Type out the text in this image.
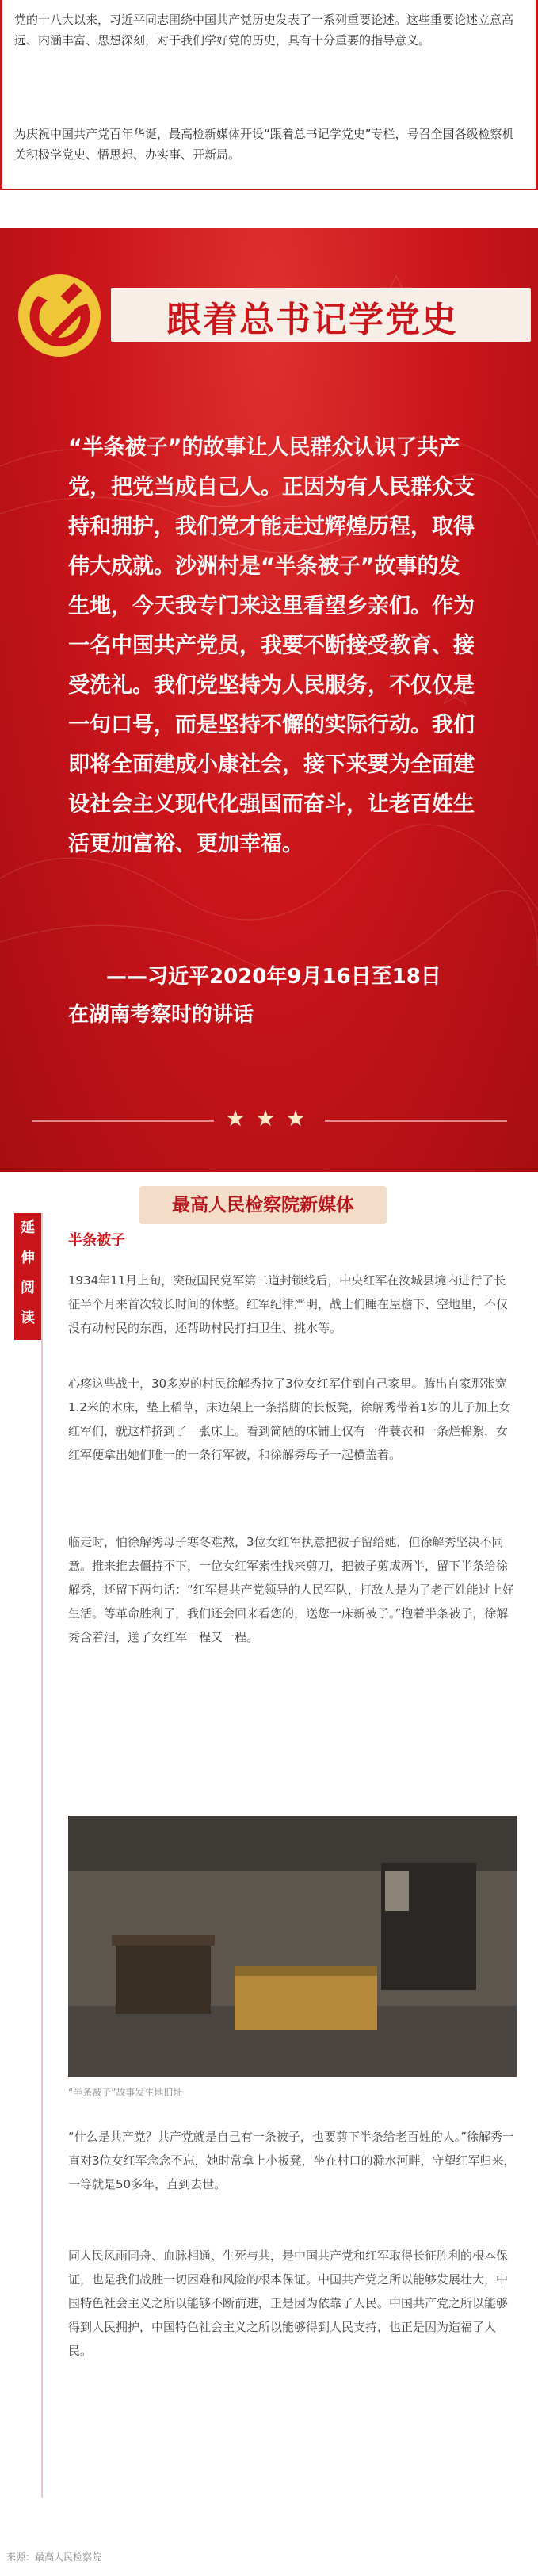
党的十八大以来，习近平同志围绕中国共产党历史发表了一系列重要论述。这些重要论述立意高远、内涵丰富、思想深刻，对于我们学好党的历史，具有十分重要的指导意义。

为庆祝中国共产党百年华诞，最高检新媒体开设“跟着总书记学党史”专栏，号召全国各级检察机关积极学党史、悟思想、办实事、开新局。

跟着总书记学党史

“半条被子”的故事让人民群众认识了共产党，把党当成自己人。正因为有人民群众支持和拥护，我们党才能走过辉煌历程，取得伟大成就。沙洲村是“半条被子”故事的发生地，今天我专门来这里看望乡亲们。作为一名中国共产党员，我要不断接受教育、接受洗礼。我们党坚持为人民服务，不仅仅是一句口号，而是坚持不懈的实际行动。我们即将全面建成小康社会，接下来要为全面建设社会主义现代化强国而奋斗，让老百姓生活更加富裕、更加幸福。

——习近平2020年9月16日至18日
在湖南考察时的讲话

★ ★ ★
最高人民检察院新媒体
延
伸
阅
读
半条被子

1934年11月上旬，突破国民党军第二道封锁线后，中央红军在汝城县境内进行了长征半个月来首次较长时间的休整。红军纪律严明，战士们睡在屋檐下、空地里，不仅没有动村民的东西，还帮助村民打扫卫生、挑水等。

心疼这些战士，30多岁的村民徐解秀拉了3位女红军住到自己家里。腾出自家那张宽1.2米的木床，垫上稻草，床边架上一条搭脚的长板凳，徐解秀带着1岁的儿子加上女红军们，就这样挤到了一张床上。看到简陋的床铺上仅有一件蓑衣和一条烂棉絮，女红军便拿出她们唯一的一条行军被，和徐解秀母子一起横盖着。

临走时，怕徐解秀母子寒冬难熬，3位女红军执意把被子留给她，但徐解秀坚决不同意。推来推去僵持不下，一位女红军索性找来剪刀，把被子剪成两半，留下半条给徐解秀，还留下两句话：“红军是共产党领导的人民军队，打敌人是为了老百姓能过上好生活。等革命胜利了，我们还会回来看您的，送您一床新被子。”抱着半条被子，徐解秀含着泪，送了女红军一程又一程。

“半条被子”故事发生地旧址

“什么是共产党？共产党就是自己有一条被子，也要剪下半条给老百姓的人。”徐解秀一直对3位女红军念念不忘，她时常拿上小板凳，坐在村口的滁水河畔，守望红军归来，一等就是50多年，直到去世。

同人民风雨同舟、血脉相通、生死与共，是中国共产党和红军取得长征胜利的根本保证，也是我们战胜一切困难和风险的根本保证。中国共产党之所以能够发展壮大，中国特色社会主义之所以能够不断前进，正是因为依靠了人民。中国共产党之所以能够得到人民拥护，中国特色社会主义之所以能够得到人民支持，也正是因为造福了人民。

来源：最高人民检察院
